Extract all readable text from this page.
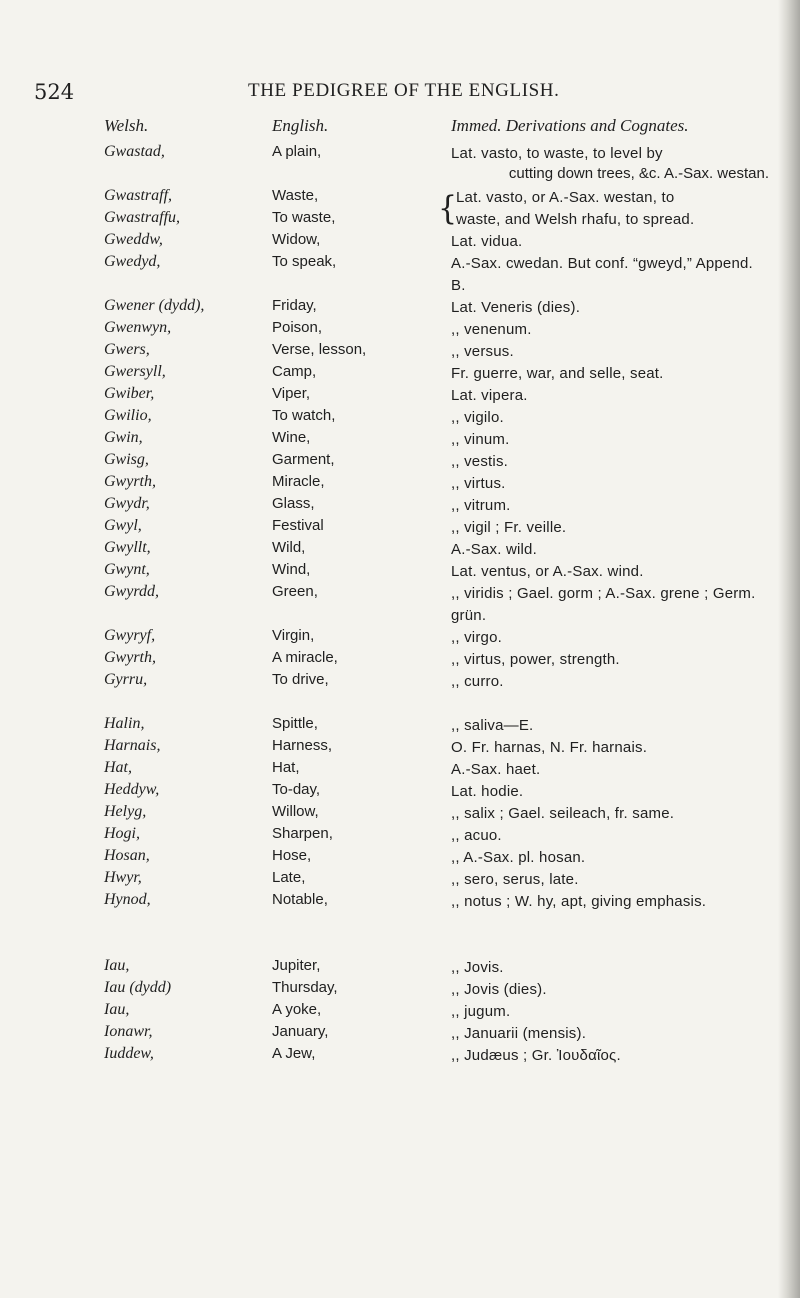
524	THE PEDIGREE OF THE ENGLISH.
Welsh.	English.	Immed. Derivations and Cognates.
Gwastad,	A plain,	Lat. vasto, to waste, to level by
cutting down trees, &c. A.-Sax. westan.
Gwastraff,	Waste,	{
Lat. vasto, or A.-Sax. westan, to
Gwastraffu,	To waste,	waste, and Welsh rhafu, to spread.
Gweddw,	Widow,	Lat. vidua.
Gwedyd,	To speak,	A.-Sax. cwedan. But conf. “gweyd,” Append. B.
Gwener (dydd),	Friday,	Lat. Veneris (dies).
Gwenwyn,	Poison,	,, venenum.
Gwers,	Verse, lesson,	,, versus.
Gwersyll,	Camp,	Fr. guerre, war, and selle, seat.
Gwiber,	Viper,	Lat. vipera.
Gwilio,	To watch,	,, vigilo.
Gwin,	Wine,	,, vinum.
Gwisg,	Garment,	,, vestis.
Gwyrth,	Miracle,	,, virtus.
Gwydr,	Glass,	,, vitrum.
Gwyl,	Festival	,, vigil ; Fr. veille.
Gwyllt,	Wild,	A.-Sax. wild.
Gwynt,	Wind,	Lat. ventus, or A.-Sax. wind.
Gwyrdd,	Green,	,, viridis ; Gael. gorm ; A.-Sax. grene ; Germ. grün.
Gwyryf,	Virgin,	,, virgo.
Gwyrth,	A miracle,	,, virtus, power, strength.
Gyrru,	To drive,	,, curro.
Halin,	Spittle,	,, saliva—E.
Harnais,	Harness,	O. Fr. harnas, N. Fr. harnais.
Hat,	Hat,	A.-Sax. haet.
Heddyw,	To-day,	Lat. hodie.
Helyg,	Willow,	,, salix ; Gael. seileach, fr. same.
Hogi,	Sharpen,	,, acuo.
Hosan,	Hose,	,, A.-Sax. pl. hosan.
Hwyr,	Late,	,, sero, serus, late.
Hynod,	Notable,	,, notus ; W. hy, apt, giving emphasis.
Iau,	Jupiter,	,, Jovis.
Iau (dydd)	Thursday,	,, Jovis (dies).
Iau,	A yoke,	,, jugum.
Ionawr,	January,	,, Januarii (mensis).
Iuddew,	A Jew,	,, Judæus ; Gr. Ἰουδαῖος.
